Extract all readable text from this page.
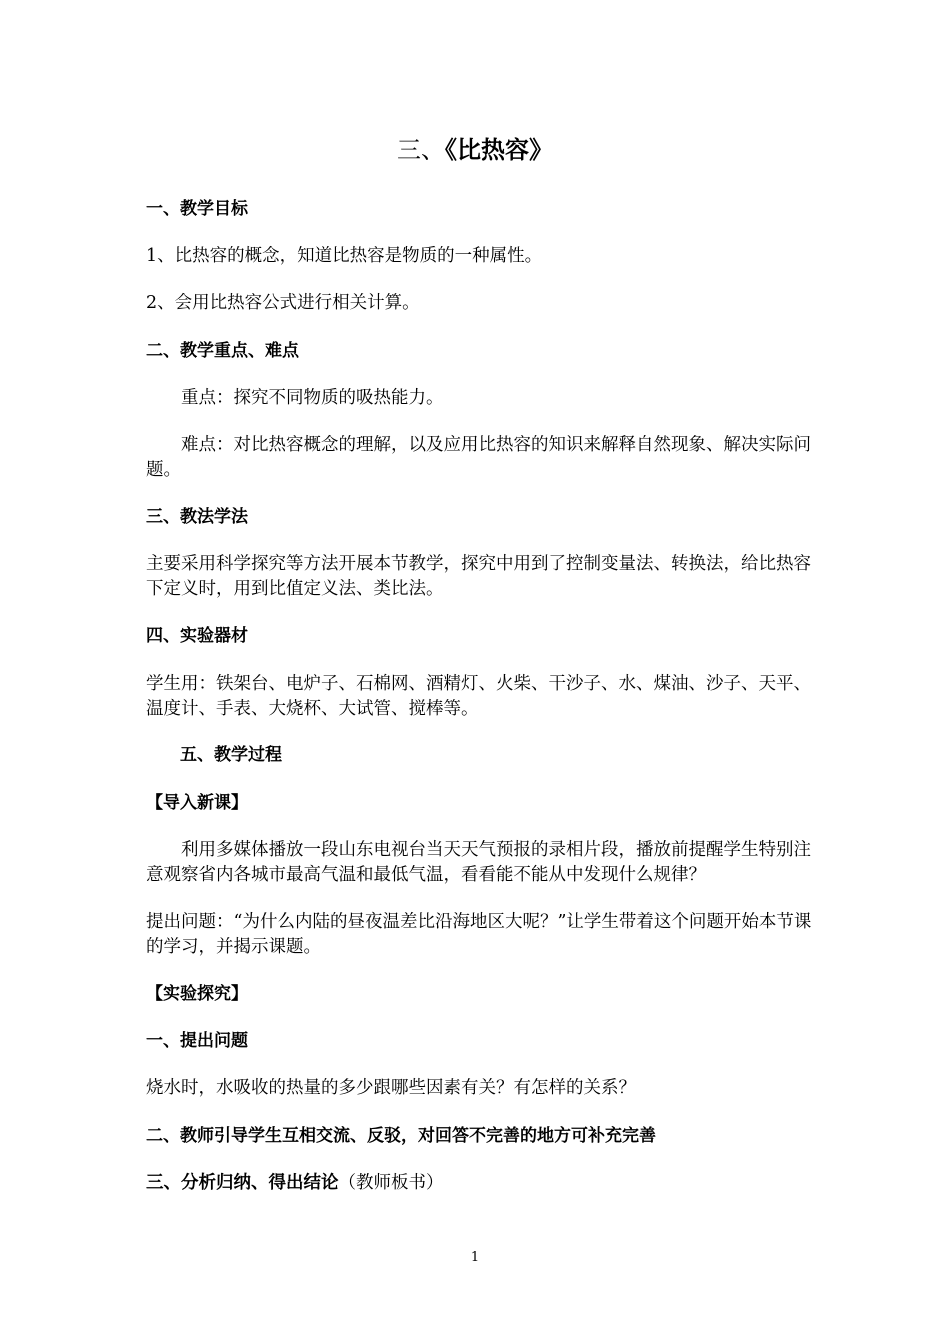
三、《比热容》

一、教学目标

1、比热容的概念，知道比热容是物质的一种属性。

2、会用比热容公式进行相关计算。

二、教学重点、难点

重点：探究不同物质的吸热能力。

难点：对比热容概念的理解，以及应用比热容的知识来解释自然现象、解决实际问题。

三、教法学法

主要采用科学探究等方法开展本节教学，探究中用到了控制变量法、转换法，给比热容下定义时，用到比值定义法、类比法。

四、实验器材

学生用：铁架台、电炉子、石棉网、酒精灯、火柴、干沙子、水、煤油、沙子、天平、温度计、手表、大烧杯、大试管、搅棒等。

五、教学过程

【导入新课】

利用多媒体播放一段山东电视台当天天气预报的录相片段，播放前提醒学生特别注意观察省内各城市最高气温和最低气温，看看能不能从中发现什么规律？

提出问题：“为什么内陆的昼夜温差比沿海地区大呢？”让学生带着这个问题开始本节课的学习，并揭示课题。

【实验探究】

一、提出问题

烧水时，水吸收的热量的多少跟哪些因素有关？有怎样的关系？

二、教师引导学生互相交流、反驳，对回答不完善的地方可补充完善

三、分析归纳、得出结论（教师板书）

1
